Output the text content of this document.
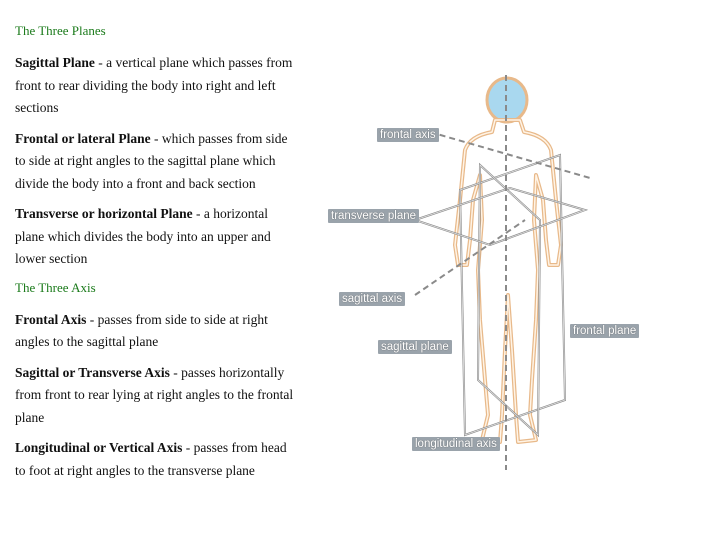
The Three Planes

Sagittal Plane - a vertical plane which passes from front to rear dividing the body into right and left sections

Frontal or lateral Plane - which passes from side to side at right angles to the sagittal plane which divide the body into a front and back section

Transverse or horizontal Plane - a horizontal plane which divides the body into an upper and lower section

The Three Axis

Frontal Axis - passes from side to side at right angles to the sagittal plane

Sagittal or Transverse Axis - passes horizontally from front to rear lying at right angles to the frontal plane

Longitudinal or Vertical Axis - passes from head to foot at right angles to the transverse plane

frontal axis
transverse plane
sagittal axis
frontal plane
sagittal plane
longitudinal axis
